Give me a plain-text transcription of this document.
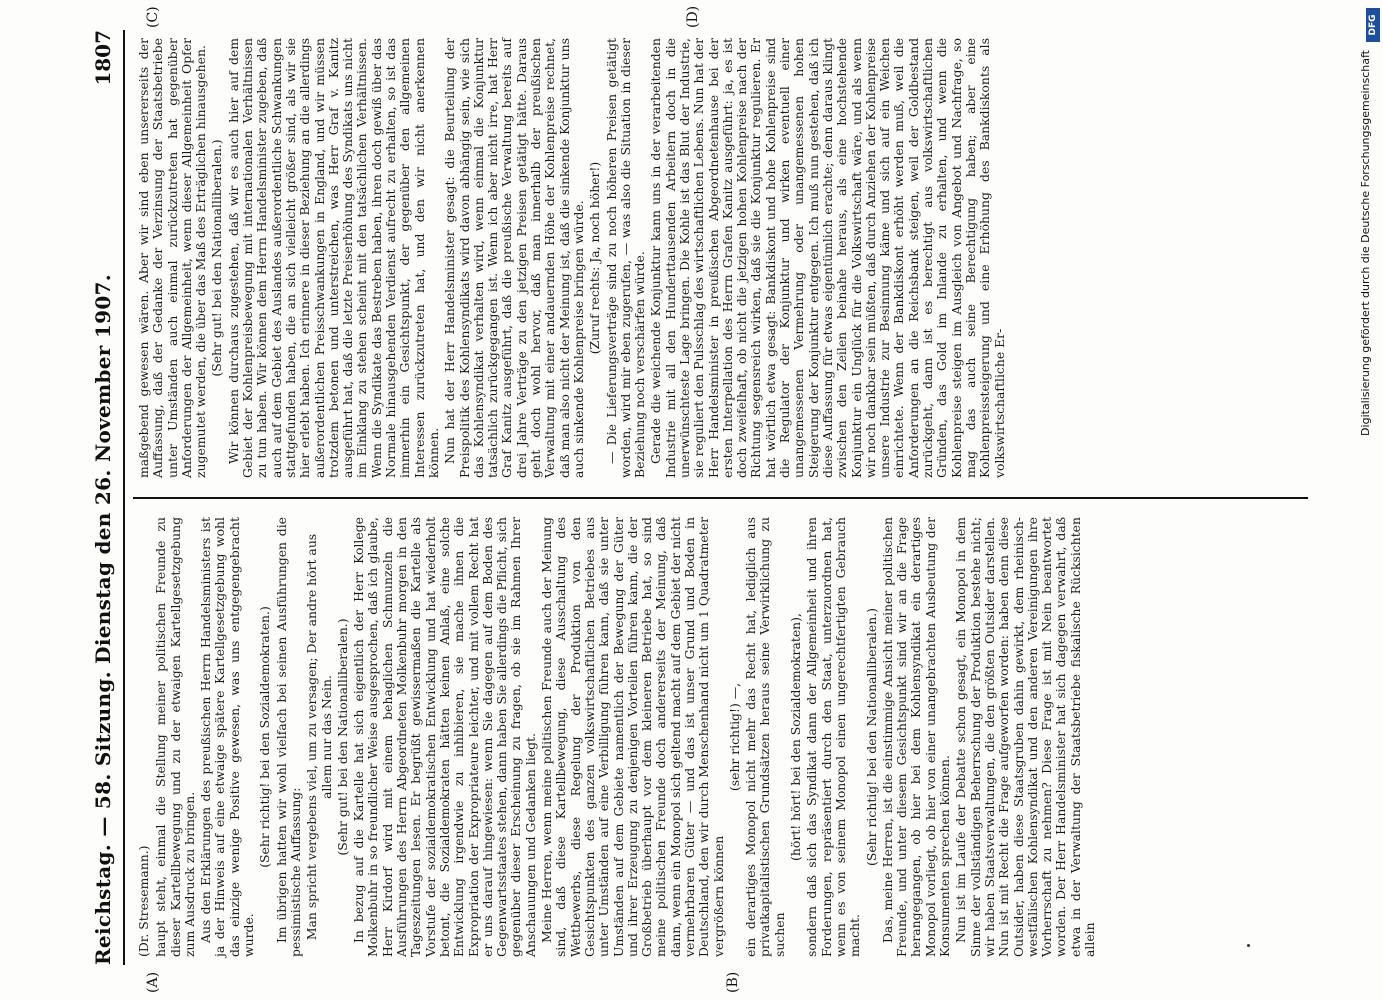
Reichstag. — 58. Sitzung. Dienstag den 26. November 1907.
1807
(A)	(B)
(C)	(D)

(Dr. Stresemann.) haupt steht, einmal die Stellung meiner politischen Freunde zu dieser Kartellbewegung und zu der etwaigen Kartellgesetzgebung zum Ausdruck zu bringen. Aus den Erklärungen des preußischen Herrn Handelsministers ist ja der Hinweis auf eine etwaige spätere Kartellgesetzgebung wohl das einzige wenige Positive gewesen, was uns entgegengebracht wurde.

(Sehr richtig! bei den Sozialdemokraten.) Im übrigen hatten wir wohl vielfach bei seinen Ausführungen die pessimistische Auffassung: Man spricht vergebens viel, um zu versagen; Der andre hört aus allem nur das Nein. (Sehr gut! bei den Nationalliberalen.) In bezug auf die Kartelle hat sich eigentlich der Herr Kollege Molkenbuhr in so freundlicher Weise ausgesprochen, daß ich glaube, Herr Kirdorf wird mit einem behaglichen Schmunzeln die Ausführungen des Herrn Abgeordneten Molkenbuhr morgen in den Tageszeitungen lesen. Er begrüßt gewissermaßen die Kartelle als Vorstufe der sozialdemokratischen Entwicklung und hat wiederholt betont, die Sozialdemokraten hätten keinen Anlaß, eine solche Entwicklung irgendwie zu inhibieren, sie mache ihnen die Expropriation der Expropriateure leichter, und mit vollem Recht hat er uns darauf hingewiesen: wenn Sie dagegen auf dem Boden des Gegenwartsstaates stehen, dann haben Sie allerdings die Pflicht, sich gegenüber dieser Erscheinung zu fragen, ob sie im Rahmen Ihrer Anschauungen und Gedanken liegt. Meine Herren, wenn meine politischen Freunde auch der Meinung sind, daß diese Kartellbewegung, diese Ausschaltung des Wettbewerbs, diese Regelung der Produktion von den Gesichtspunkten des ganzen volkswirtschaftlichen Betriebes aus unter Umständen auf eine Verbilligung führen kann, daß sie unter Umständen auf dem Gebiete namentlich der Bewegung der Güter und ihrer Erzeugung zu denjenigen Vorteilen führen kann, die der Großbetrieb überhaupt vor dem kleineren Betriebe hat, so sind meine politischen Freunde doch andererseits der Meinung, daß dann, wenn ein Monopol sich geltend macht auf dem Gebiet der nicht vermehrbaren Güter — und das ist unser Grund und Boden in Deutschland, den wir durch Menschenhand nicht um 1 Quadratmeter vergrößern können

(sehr richtig!) —, ein derartiges Monopol nicht mehr das Recht hat, lediglich aus privatkapitalistischen Grundsätzen heraus seine Verwirklichung zu suchen

(hört! hört! bei den Sozialdemokraten), sondern daß sich das Syndikat dann der Allgemeinheit und ihren Forderungen, repräsentiert durch den Staat, unterzuordnen hat, wenn es von seinem Monopol einen ungerechtfertigten Gebrauch macht.

(Sehr richtig! bei den Nationalliberalen.) Das, meine Herren, ist die einstimmige Ansicht meiner politischen Freunde, und unter diesem Gesichtspunkt sind wir an die Frage herangegangen, ob hier bei dem Kohlensyndikat ein derartiges Monopol vorliegt, ob hier von einer unangebrachten Ausbeutung der Konsumenten sprechen können. Nun ist im Laufe der Debatte schon gesagt, ein Monopol in dem Sinne der vollständigen Beherrschung der Produktion bestehe nicht; wir haben Staatsverwaltungen, die den größten Outsider darstellen. Nun ist mit Recht die Frage aufgeworfen worden: haben denn diese Outsider, haben diese Staatsgruben dahin gewirkt, dem rheinisch-westfälischen Kohlensyndikat und den anderen Vereinigungen ihre Vorherrschaft zu nehmen? Diese Frage ist mit Nein beantwortet worden. Der Herr Handelsminister hat sich dagegen verwahrt, daß etwa in der Verwaltung der Staatsbetriebe fiskalische Rücksichten allein

maßgebend gewesen wären. Aber wir sind eben unsererseits der Auffassung, daß der Gedanke der Verzinsung der Staatsbetriebe unter Umständen auch einmal zurückzutreten hat gegenüber Anforderungen der Allgemeinheit, wenn dieser Allgemeinheit Opfer zugemutet werden, die über das Maß des Erträglichen hinausgehen. (Sehr gut! bei den Nationalliberalen.) Wir können durchaus zugestehen, daß wir es auch hier auf dem Gebiet der Kohlenpreisbewegung mit internationalen Verhältnissen zu tun haben. Wir können dem Herrn Handelsminister zugeben, daß auch auf dem Gebiet des Auslandes außerordentliche Schwankungen stattgefunden haben, die an sich vielleicht größer sind, als wir sie hier erlebt haben. Ich erinnere in dieser Beziehung an die allerdings außerordentlichen Preisschwankungen in England, und wir müssen trotzdem betonen und unterstreichen, was Herr Graf v. Kanitz ausgeführt hat, daß die letzte Preiserhöhung des Syndikats uns nicht im Einklang zu stehen scheint mit den tatsächlichen Verhältnissen. Wenn die Syndikate das Bestreben haben, ihren doch gewiß über das Normale hinausgehenden Verdienst aufrecht zu erhalten, so ist das immerhin ein Gesichtspunkt, der gegenüber den allgemeinen Interessen zurückzutreten hat, und den wir nicht anerkennen können. Nun hat der Herr Handelsminister gesagt: die Beurteilung der Preispolitik des Kohlensyndikats wird davon abhängig sein, wie sich das Kohlensyndikat verhalten wird, wenn einmal die Konjunktur tatsächlich zurückgegangen ist. Wenn ich aber nicht irre, hat Herr Graf Kanitz ausgeführt, daß die preußische Verwaltung bereits auf drei Jahre Verträge zu den jetzigen Preisen getätigt hätte. Daraus geht doch wohl hervor, daß man innerhalb der preußischen Verwaltung mit einer andauernden Höhe der Kohlenpreise rechnet, daß man also nicht der Meinung ist, daß die sinkende Konjunktur uns auch sinkende Kohlenpreise bringen würde. (Zuruf rechts: Ja, noch höher!) — Die Lieferungsverträge sind zu noch höheren Preisen getätigt worden, wird mir eben zugerufen, — was also die Situation in dieser Beziehung noch verschärfen würde. Gerade die weichende Konjunktur kann uns in der verarbeitenden Industrie mit all den Hunderttausenden Arbeitern doch in die unerwünschteste Lage bringen. Die Kohle ist das Blut der Industrie, sie reguliert den Pulsschlag des wirtschaftlichen Lebens. Nun hat der Herr Handelsminister in preußischen Abgeordnetenhause bei der ersten Interpellation des Herrn Grafen Kanitz ausgeführt: ja, es ist doch zweifelhaft, ob nicht die jetzigen hohen Kohlenpreise nach der Richtung segensreich wirken, daß sie die Konjunktur regulieren. Er hat wörtlich etwa gesagt: Bankdiskont und hohe Kohlenpreise sind die Regulator der Konjunktur und wirken eventuell einer unangemessenen Vermehrung oder unangemessenen hohen Steigerung der Konjunktur entgegen. Ich muß nun gestehen, daß ich diese Auffassung für etwas eigentümlich erachte; denn daraus klingt zwischen den Zeilen beinahe heraus, als eine hochstehende Konjunktur ein Unglück für die Volkswirtschaft wäre, und als wenn wir noch dankbar sein müßten, daß durch Anziehen der Kohlenpreise unsere Industrie zur Besinnung käme und sich auf ein Weichen einrichtete. Wenn der Bankdiskont erhöht werden muß, weil die Anforderungen an die Reichsbank steigen, weil der Goldbestand zurückgeht, dann ist es berechtigt aus volkswirtschaftlichen Gründen, das Gold im Inlande zu erhalten, und wenn die Kohlenpreise steigen im Ausgleich von Angebot und Nachfrage, so mag das auch seine Berechtigung haben; aber eine Kohlenpreissteigerung und eine Erhöhung des Bankdiskonts als volkswirtschaftliche Er-	Digitalisierung gefördert durch die Deutsche Forschungsgemeinschaft
DFG
